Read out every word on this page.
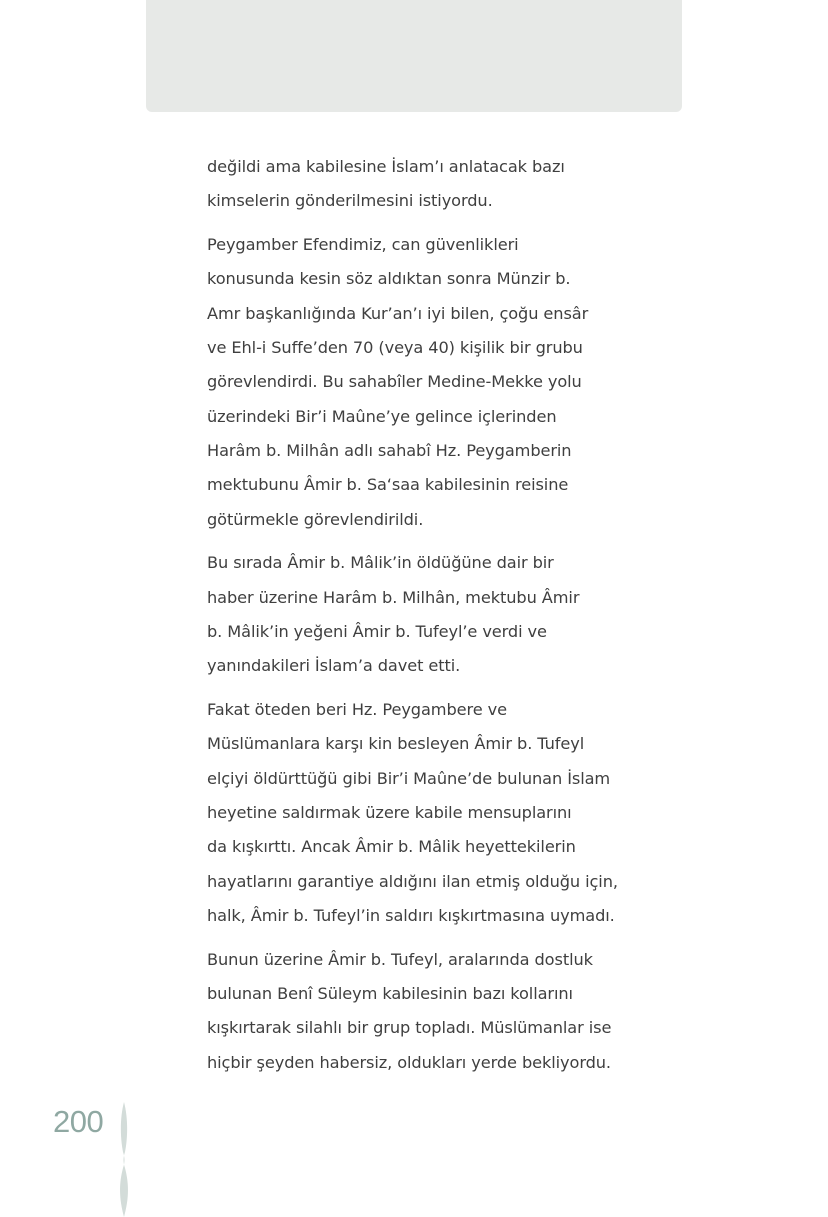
değildi ama kabilesine İslam’ı anlatacak bazı
kimselerin gönderilmesini istiyordu.
Peygamber Efendimiz, can güvenlikleri
konusunda kesin söz aldıktan sonra Münzir b.
Amr başkanlığında Kur’an’ı iyi bilen, çoğu ensâr
ve Ehl-i Suffe’den 70 (veya 40) kişilik bir grubu
görevlendirdi. Bu sahabîler Medine-Mekke yolu
üzerindeki Bir’i Maûne’ye gelince içlerinden
Harâm b. Milhân adlı sahabî Hz. Peygamberin
mektubunu Âmir b. Sa‘saa kabilesinin reisine
götürmekle görevlendirildi.
Bu sırada Âmir b. Mâlik’in öldüğüne dair bir
haber üzerine Harâm b. Milhân, mektubu Âmir
b. Mâlik’in yeğeni Âmir b. Tufeyl’e verdi ve
yanındakileri İslam’a davet etti.
Fakat öteden beri Hz. Peygambere ve
Müslümanlara karşı kin besleyen Âmir b. Tufeyl
elçiyi öldürttüğü gibi Bir’i Maûne’de bulunan İslam
heyetine saldırmak üzere kabile mensuplarını
da kışkırttı. Ancak Âmir b. Mâlik heyettekilerin
hayatlarını garantiye aldığını ilan etmiş olduğu için,
halk, Âmir b. Tufeyl’in saldırı kışkırtmasına uymadı.
Bunun üzerine Âmir b. Tufeyl, aralarında dostluk
bulunan Benî Süleym kabilesinin bazı kollarını
kışkırtarak silahlı bir grup topladı. Müslümanlar ise
hiçbir şeyden habersiz, oldukları yerde bekliyordu.
200
